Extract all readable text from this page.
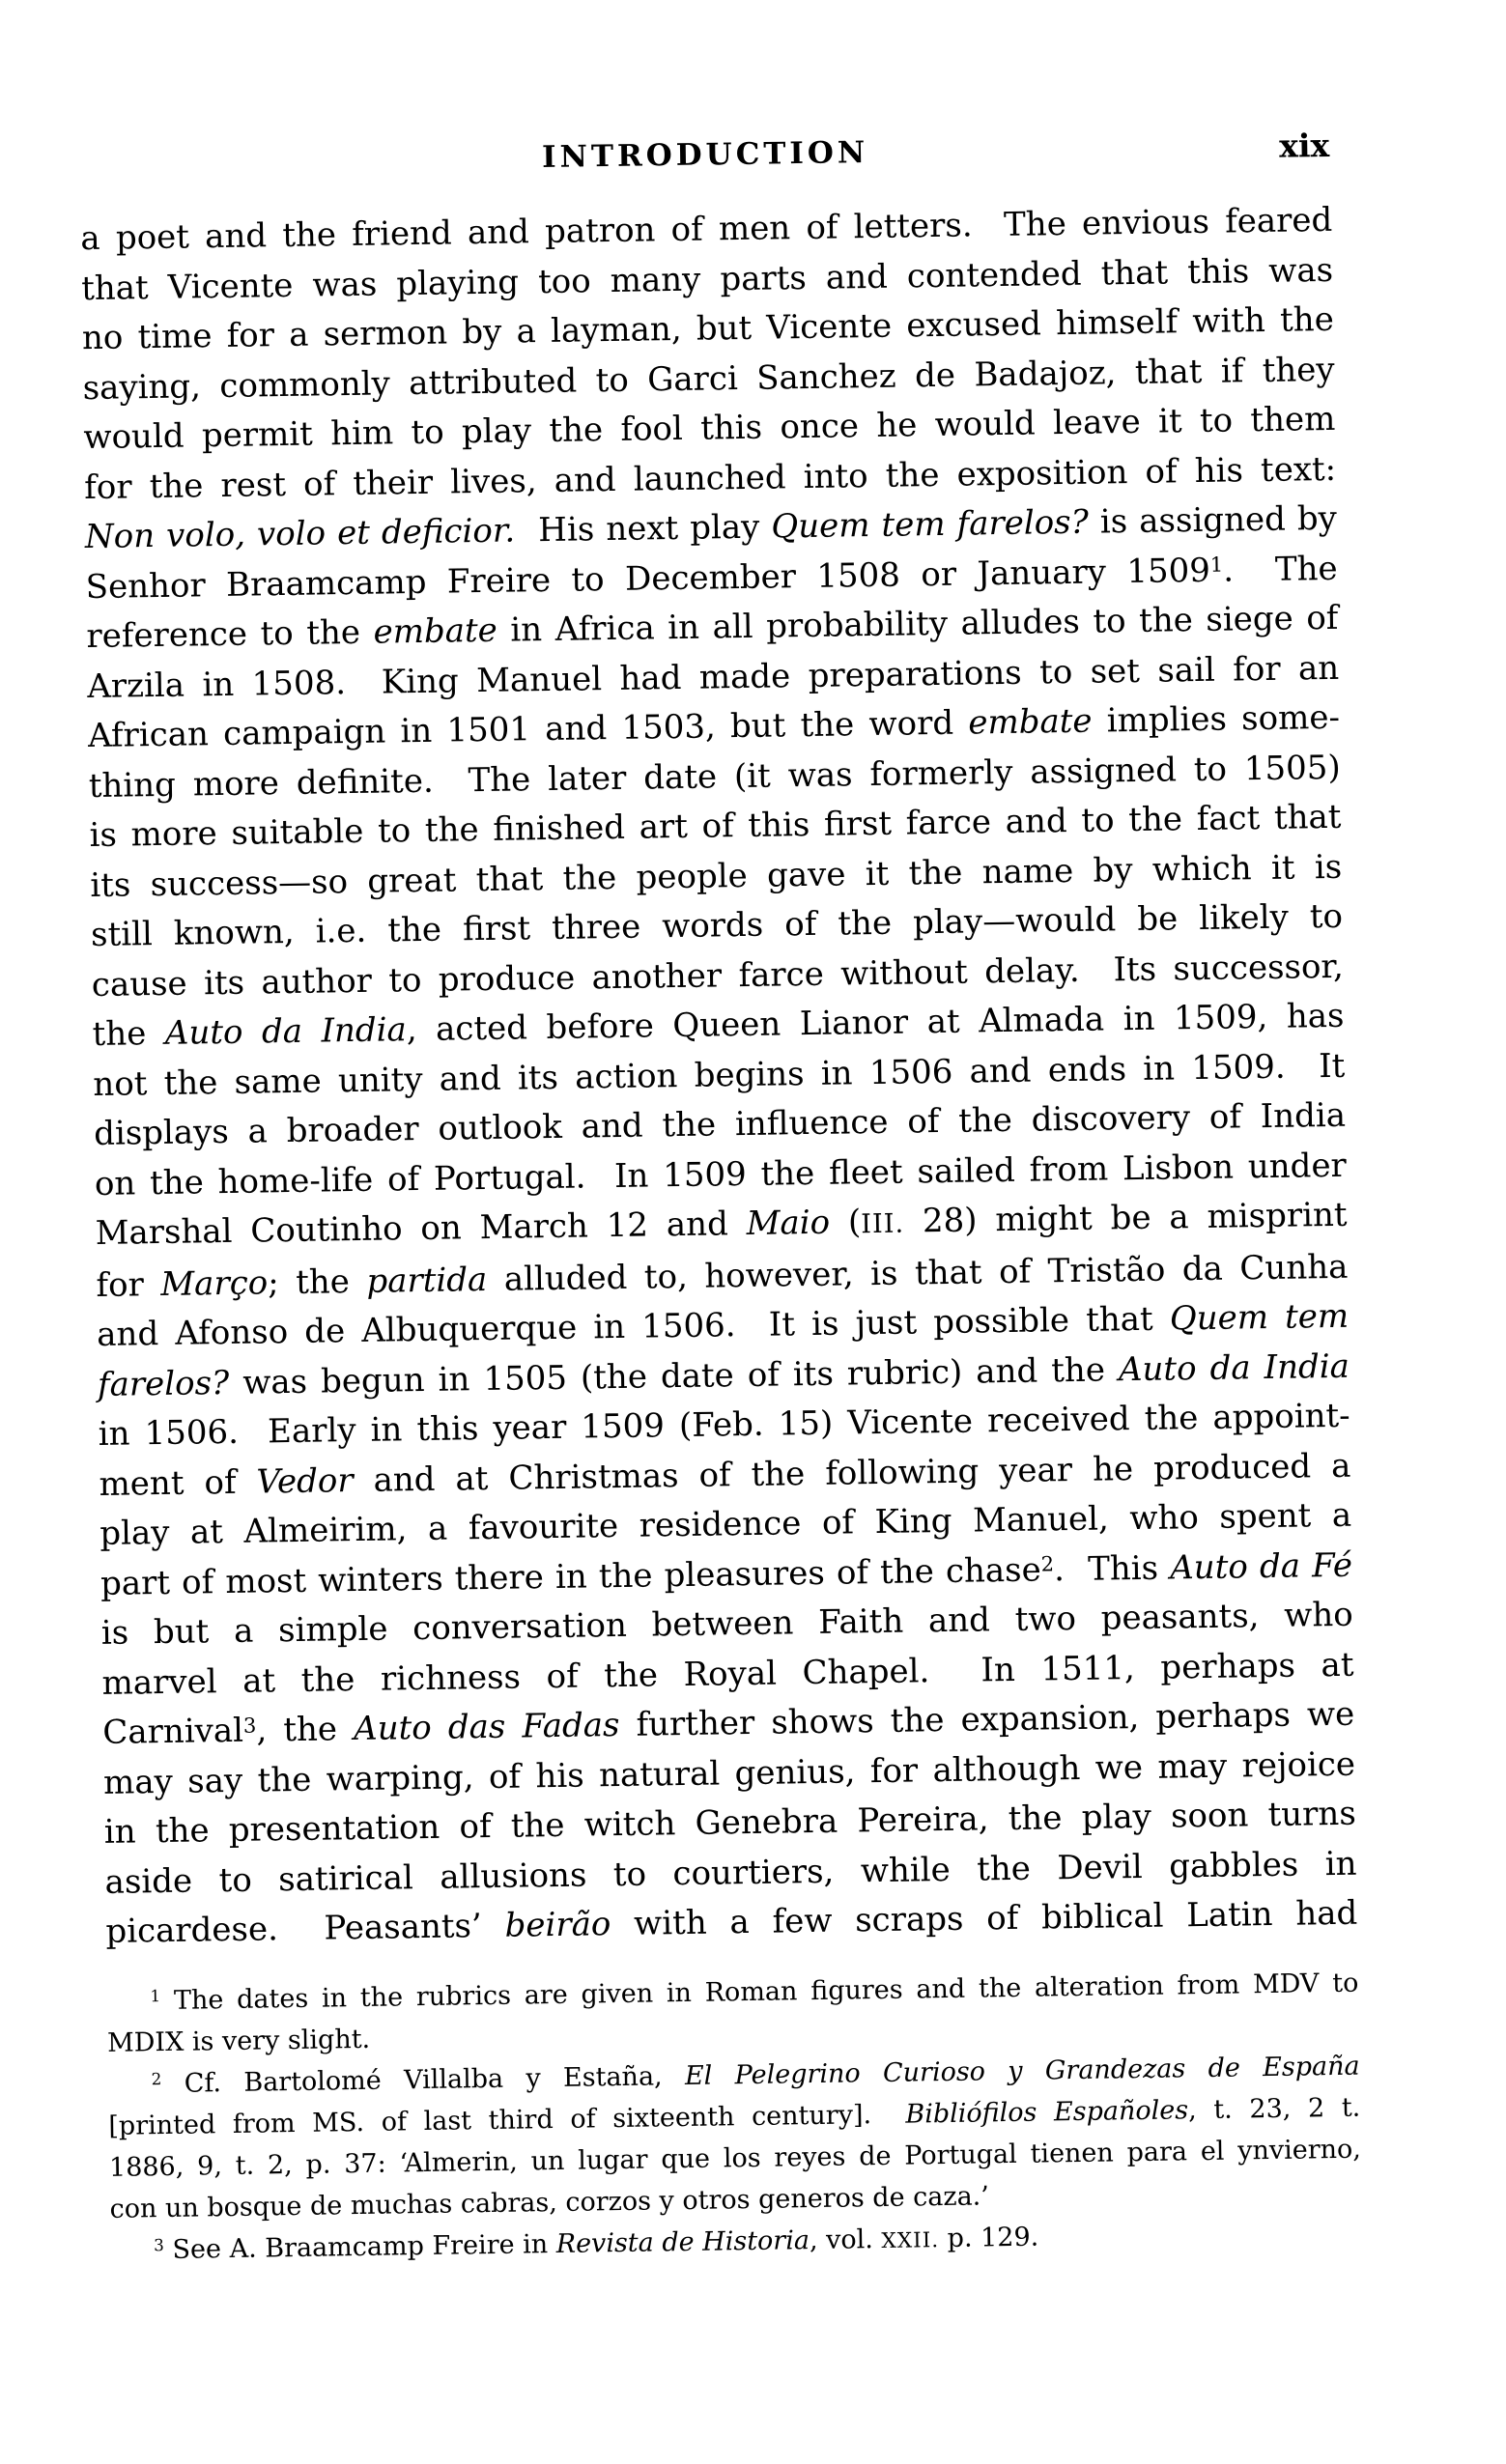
INTRODUCTION	xix
a poet and the friend and patron of men of letters.  The envious feared
that Vicente was playing too many parts and contended that this was
no time for a sermon by a layman, but Vicente excused himself with the
saying, commonly attributed to Garci Sanchez de Badajoz, that if they
would permit him to play the fool this once he would leave it to them
for the rest of their lives, and launched into the exposition of his text:
Non volo, volo et deficior.  His next play Quem tem farelos? is assigned by
Senhor Braamcamp Freire to December 1508 or January 1509$^1$.  The
reference to the embate in Africa in all probability alludes to the siege of
Arzila in 1508.  King Manuel had made preparations to set sail for an
African campaign in 1501 and 1503, but the word embate implies some-
thing more definite.  The later date (it was formerly assigned to 1505)
is more suitable to the finished art of this first farce and to the fact that
its success—so great that the people gave it the name by which it is
still known, i.e. the first three words of the play—would be likely to
cause its author to produce another farce without delay.  Its successor,
the Auto da India, acted before Queen Lianor at Almada in 1509, has
not the same unity and its action begins in 1506 and ends in 1509.  It
displays a broader outlook and the influence of the discovery of India
on the home-life of Portugal.  In 1509 the fleet sailed from Lisbon under
Marshal Coutinho on March 12 and Maio (III. 28) might be a misprint
for Março; the partida alluded to, however, is that of Tristão da Cunha
and Afonso de Albuquerque in 1506.  It is just possible that Quem tem
farelos? was begun in 1505 (the date of its rubric) and the Auto da India
in 1506.  Early in this year 1509 (Feb. 15) Vicente received the appoint-
ment of Vedor and at Christmas of the following year he produced a
play at Almeirim, a favourite residence of King Manuel, who spent a
part of most winters there in the pleasures of the chase$^2$.  This Auto da Fé
is but a simple conversation between Faith and two peasants, who
marvel at the richness of the Royal Chapel.  In 1511, perhaps at
Carnival$^3$, the Auto das Fadas further shows the expansion, perhaps we
may say the warping, of his natural genius, for although we may rejoice
in the presentation of the witch Genebra Pereira, the play soon turns
aside to satirical allusions to courtiers, while the Devil gabbles in
picardese.  Peasants’ beirão with a few scraps of biblical Latin had
$^1$ The dates in the rubrics are given in Roman figures and the alteration from MDV to
MDIX is very slight.
$^2$ Cf. Bartolomé Villalba y Estaña, El Pelegrino Curioso y Grandezas de España
[printed from MS. of last third of sixteenth century].  Bibliófilos Españoles, t. 23, 2 t.
1886, 9, t. 2, p. 37: ‘Almerin, un lugar que los reyes de Portugal tienen para el ynvierno,
con un bosque de muchas cabras, corzos y otros generos de caza.’
$^3$ See A. Braamcamp Freire in Revista de Historia, vol. XXII. p. 129.
